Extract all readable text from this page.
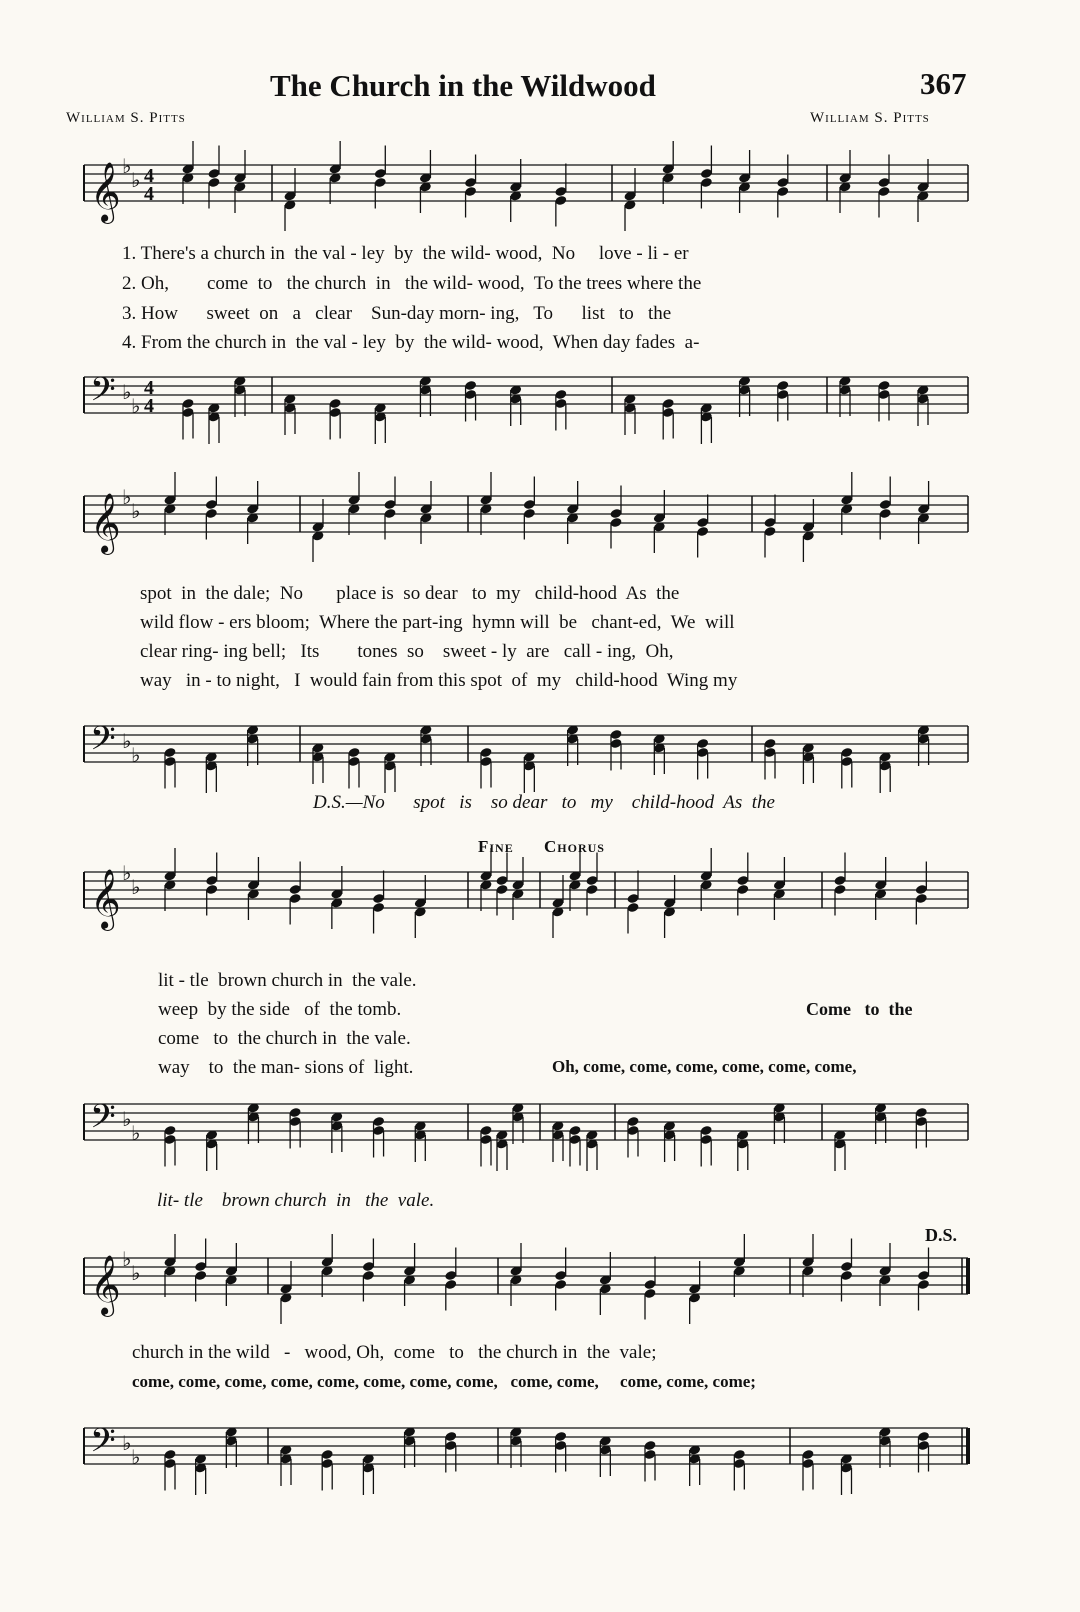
The Church in the Wildwood	367
William S. Pitts	William S. Pitts
𝄞 ♭
♭ 4
4
𝄢 ♭
♭
4
4
1. There's a church in  the val - ley  by  the wild- wood,  No     love - li - er
2. Oh,        come  to   the church  in   the wild- wood,  To the trees where the
3. How      sweet  on   a   clear    Sun-day morn- ing,   To      list   to   the
4. From the church in  the val - ley  by  the wild- wood,  When day fades  a-
𝄞 ♭
♭
𝄢 ♭
♭
spot  in  the dale;  No       place is  so dear   to  my   child-hood  As  the
wild flow - ers bloom;  Where the part-ing  hymn will  be   chant-ed,  We  will
clear ring- ing bell;   Its        tones  so    sweet - ly  are   call - ing,  Oh,
way   in - to night,   I  would fain from this spot  of  my   child-hood  Wing my
D.S.—No      spot   is    so dear   to   my    child-hood  As  the
Fine Chorus
𝄞 ♭
♭
𝄢 ♭
♭
lit - tle  brown church in  the vale.
weep  by the side   of  the tomb.
come   to  the church in  the vale.
way    to  the man- sions of  light.
Come   to  the
Oh, come, come, come, come, come, come,
lit- tle    brown church  in   the  vale.
D.S.
𝄞 ♭
♭
𝄢 ♭
♭
church in the wild   -   wood, Oh,  come   to   the church in  the  vale;
come, come, come, come, come, come, come, come,   come, come,     come, come, come;
